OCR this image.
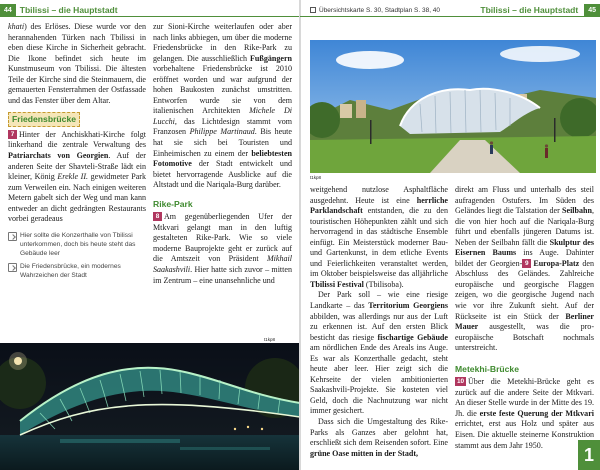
44 Tbilissi – die Hauptstadt

khati) des Erlöses. Diese wurde vor den herannahenden Türken nach Tbilissi in eben diese Kirche in Sicherheit gebracht. Die Ikone befindet sich heute im Kunstmuseum von Tbilissi. Die ältesten Teile der Kirche sind die Steinmauern, die gemauerten Fensterrahmen der Ostfassade und das Fenster über dem Altar.

Friedensbrücke

7 Hinter der Anchiskhati-Kirche folgt linkerhand die zentrale Verwaltung des Patriarchats von Georgien. Auf der anderen Seite der Shavteli-Straße lädt ein kleiner, König Erekle II. gewidmeter Park zum Verweilen ein. Nach einigen weiteren Metern gabelt sich der Weg und man kann entweder an dicht gedrängten Restaurants vorbei geradeaus

Hier sollte die Konzerthalle von Tbilissi unterkommen, doch bis heute steht das Gebäude leer
Die Friedensbrücke, ein modernes Wahrzeichen der Stadt

zur Sioni-Kirche weiterlaufen oder aber nach links abbiegen, um über die moderne Friedensbrücke in den Rike-Park zu gelangen. Die ausschließlich Fußgängern vorbehaltene Friedensbrücke ist 2010 eröffnet worden und war aufgrund der hohen Baukosten zunächst umstritten. Entworfen wurde sie von dem italienischen Architekten Michele Di Lucchi, das Lichtdesign stammt vom Franzosen Philippe Martinaud. Bis heute hat sie sich bei Touristen und Einheimischen zu einem der beliebtesten Fotomotive der Stadt entwickelt und bietet hervorragende Ausblicke auf die Altstadt und die Nariqala-Burg darüber.

Rike-Park

8 Am gegenüberliegenden Ufer der Mtkvari gelangt man in den luftig gestalteten Rike-Park. Wie so viele moderne Bauprojekte geht er zurück auf die Amtszeit von Präsident Mikhail Saakashvili. Hier hatte sich zuvor – mitten im Zentrum – eine unansehnliche und

t1kp8
Übersichtskarte S. 30, Stadtplan S. 38, 40	Tbilissi – die Hauptstadt	45
t1kp8

weitgehend nutzlose Asphaltfläche ausgedehnt. Heute ist eine herrliche Parklandschaft entstanden, die zu den touristischen Höhepunkten zählt und sich hervorragend in das städtische Ensemble einfügt. Ein Meisterstück moderner Bau- und Gartenkunst, in dem etliche Events und Feierlichkeiten veranstaltet werden, im Oktober beispielsweise das alljährliche Tbilissi Festival (Tbilisoba).

Der Park soll – wie eine riesige Landkarte – das Territorium Georgiens abbilden, was allerdings nur aus der Luft zu erkennen ist. Auf den ersten Blick besticht das riesige fischartige Gebäude am nördlichen Ende des Areals ins Auge. Es war als Konzerthalle gedacht, steht heute aber leer. Hier zeigt sich die Kehrseite der vielen ambitionierten Saakashvili-Projekte. Sie kosteten viel Geld, doch die Nachnutzung war nicht immer gesichert.

Dass sich die Umgestaltung des Rike-Parks als Ganzes aber gelohnt hat, erschließt sich dem Reisenden sofort. Eine grüne Oase mitten in der Stadt,

direkt am Fluss und unterhalb des steil aufragenden Ostufers. Im Süden des Geländes liegt die Talstation der Seilbahn, die von hier hoch auf die Nariqala-Burg führt und ebenfalls jüngeren Datums ist. Neben der Seilbahn fällt die Skulptur des Eisernen Baums ins Auge. Dahinter bildet der Georgien- 9 Europa-Platz den Abschluss des Geländes. Zahlreiche europäische und georgische Flaggen zeigen, wo die georgische Jugend nach wie vor ihre Zukunft sieht. Auf der Rückseite ist ein Stück der Berliner Mauer ausgestellt, was die pro-europäische Botschaft nochmals unterstreicht.

Metekhi-Brücke

10 Über die Metekhi-Brücke geht es zurück auf die andere Seite der Mtkvari. An dieser Stelle wurde in der Mitte des 19. Jh. die erste feste Querung der Mtkvari errichtet, erst aus Holz und später aus Eisen. Die aktuelle steinerne Konstruktion stammt aus dem Jahr 1950.	1
